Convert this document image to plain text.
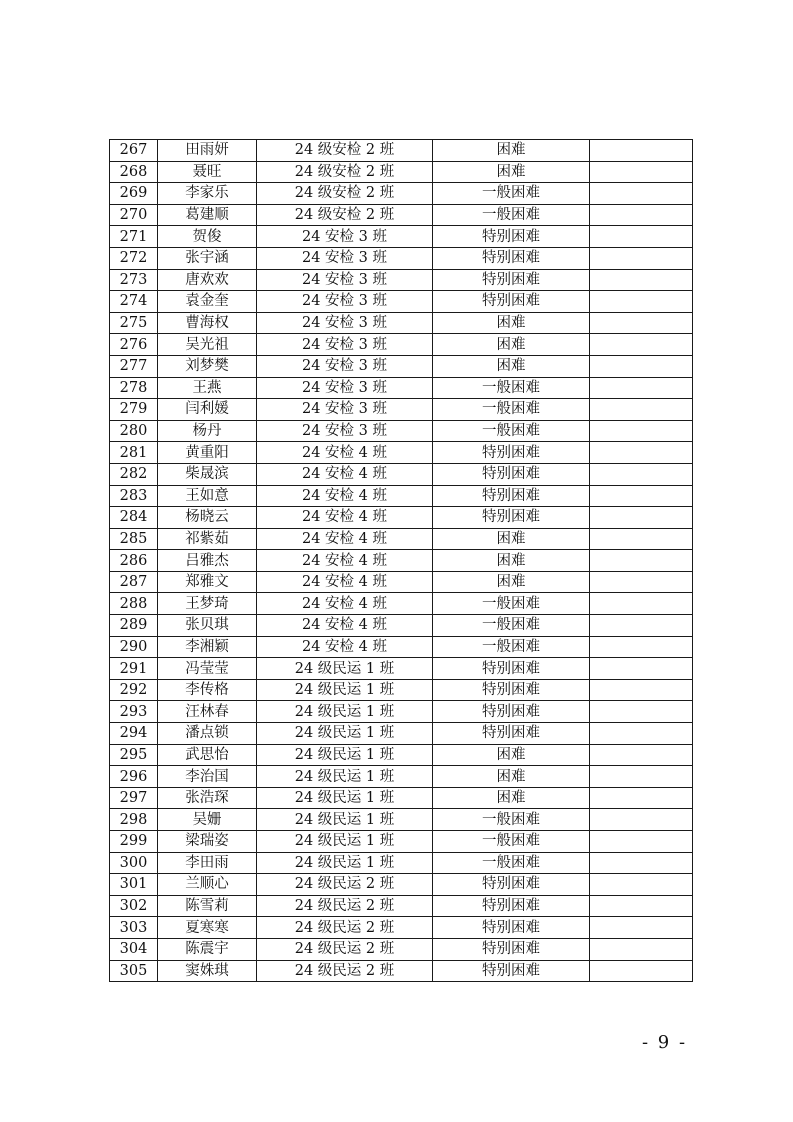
267	田雨妍	24 级安检 2 班	困难	
268	聂旺	24 级安检 2 班	困难	
269	李家乐	24 级安检 2 班	一般困难	
270	葛建顺	24 级安检 2 班	一般困难	
271	贺俊	24 安检 3 班	特别困难	
272	张宇涵	24 安检 3 班	特别困难	
273	唐欢欢	24 安检 3 班	特别困难	
274	袁金奎	24 安检 3 班	特别困难	
275	曹海权	24 安检 3 班	困难	
276	吴光祖	24 安检 3 班	困难	
277	刘梦樊	24 安检 3 班	困难	
278	王燕	24 安检 3 班	一般困难	
279	闫利媛	24 安检 3 班	一般困难	
280	杨丹	24 安检 3 班	一般困难	
281	黄重阳	24 安检 4 班	特别困难	
282	柴晟滨	24 安检 4 班	特别困难	
283	王如意	24 安检 4 班	特别困难	
284	杨晓云	24 安检 4 班	特别困难	
285	祁紫茹	24 安检 4 班	困难	
286	吕雅杰	24 安检 4 班	困难	
287	郑雅文	24 安检 4 班	困难	
288	王梦琦	24 安检 4 班	一般困难	
289	张贝琪	24 安检 4 班	一般困难	
290	李湘颖	24 安检 4 班	一般困难	
291	冯莹莹	24 级民运 1 班	特别困难	
292	李传格	24 级民运 1 班	特别困难	
293	汪林春	24 级民运 1 班	特别困难	
294	潘点锁	24 级民运 1 班	特别困难	
295	武思怡	24 级民运 1 班	困难	
296	李治国	24 级民运 1 班	困难	
297	张浩琛	24 级民运 1 班	困难	
298	吴姗	24 级民运 1 班	一般困难	
299	梁瑞姿	24 级民运 1 班	一般困难	
300	李田雨	24 级民运 1 班	一般困难	
301	兰顺心	24 级民运 2 班	特别困难	
302	陈雪莉	24 级民运 2 班	特别困难	
303	夏寒寒	24 级民运 2 班	特别困难	
304	陈震宇	24 级民运 2 班	特别困难	
305	窦姝琪	24 级民运 2 班	特别困难	
- 9 -
